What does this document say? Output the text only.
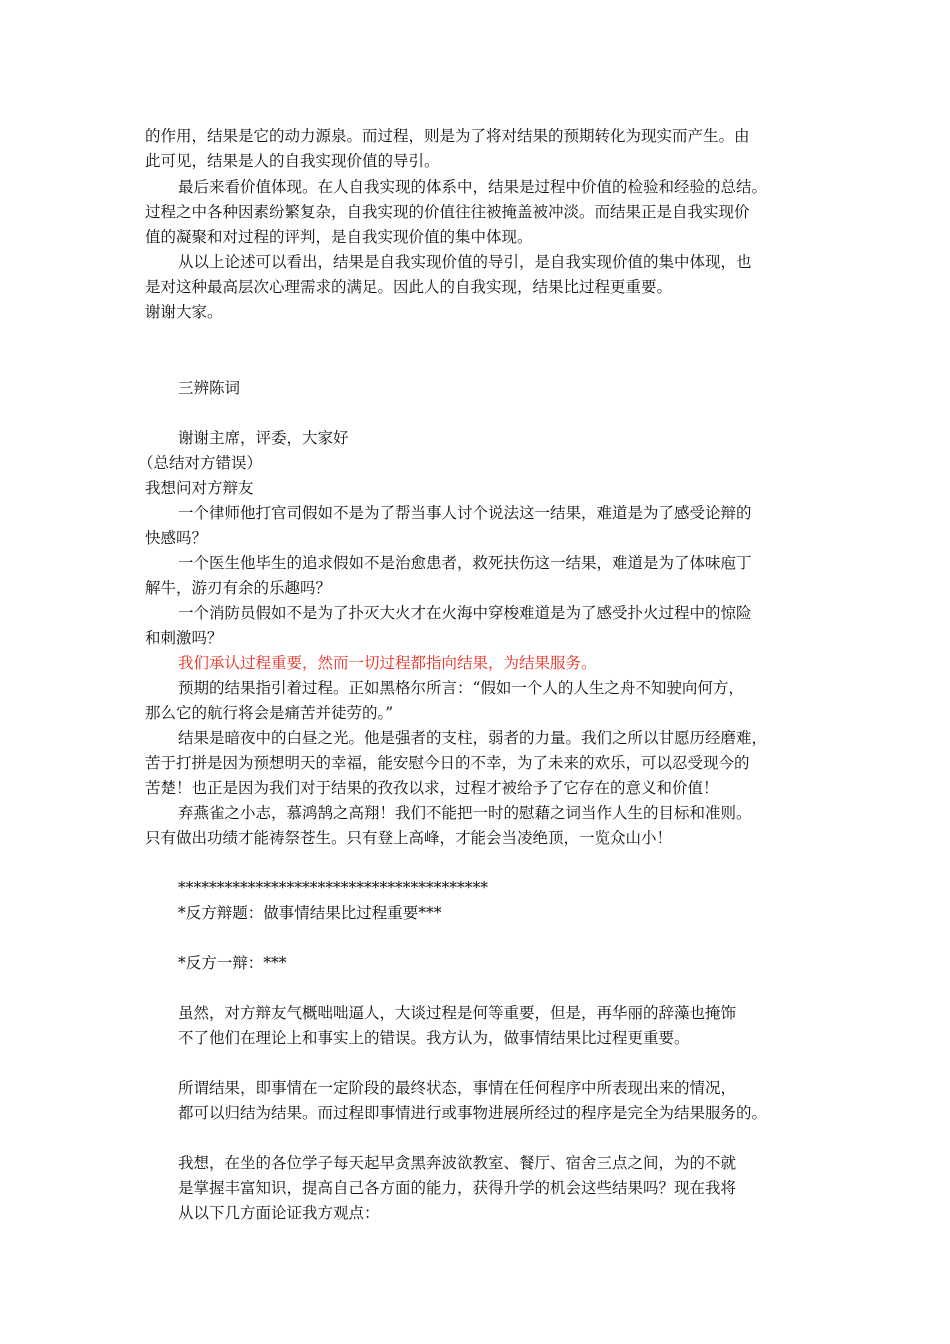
的作用，结果是它的动力源泉。而过程，则是为了将对结果的预期转化为现实而产生。由
此可见，结果是人的自我实现价值的导引。
最后来看价值体现。在人自我实现的体系中，结果是过程中价值的检验和经验的总结。
过程之中各种因素纷繁复杂，自我实现的价值往往被掩盖被冲淡。而结果正是自我实现价
值的凝聚和对过程的评判，是自我实现价值的集中体现。
从以上论述可以看出，结果是自我实现价值的导引，是自我实现价值的集中体现，也
是对这种最高层次心理需求的满足。因此人的自我实现，结果比过程更重要。
谢谢大家。
三辨陈词
谢谢主席，评委，大家好
（总结对方错误）
我想问对方辩友
一个律师他打官司假如不是为了帮当事人讨个说法这一结果，难道是为了感受论辩的
快感吗？
一个医生他毕生的追求假如不是治愈患者，救死扶伤这一结果，难道是为了体味庖丁
解牛，游刃有余的乐趣吗？
一个消防员假如不是为了扑灭大火才在火海中穿梭难道是为了感受扑火过程中的惊险
和刺激吗？
我们承认过程重要，然而一切过程都指向结果，为结果服务。
预期的结果指引着过程。正如黑格尔所言：“假如一个人的人生之舟不知驶向何方，
那么它的航行将会是痛苦并徒劳的。”
结果是暗夜中的白昼之光。他是强者的支柱，弱者的力量。我们之所以甘愿历经磨难，
苦于打拼是因为预想明天的幸福，能安慰今日的不幸，为了未来的欢乐，可以忍受现今的
苦楚！也正是因为我们对于结果的孜孜以求，过程才被给予了它存在的意义和价值！
弃燕雀之小志，慕鸿鹄之高翔！我们不能把一时的慰藉之词当作人生的目标和准则。
只有做出功绩才能祷祭苍生。只有登上高峰，才能会当凌绝顶，一览众山小！
****************************************
*反方辩题：做事情结果比过程重要***
*反方一辩：***
虽然，对方辩友气概咄咄逼人，大谈过程是何等重要，但是，再华丽的辞藻也掩饰
不了他们在理论上和事实上的错误。我方认为，做事情结果比过程更重要。
所谓结果，即事情在一定阶段的最终状态，事情在任何程序中所表现出来的情况，
都可以归结为结果。而过程即事情进行或事物进展所经过的程序是完全为结果服务的。
我想，在坐的各位学子每天起早贪黑奔波欲教室、餐厅、宿舍三点之间，为的不就
是掌握丰富知识，提高自己各方面的能力，获得升学的机会这些结果吗？现在我将
从以下几方面论证我方观点：
